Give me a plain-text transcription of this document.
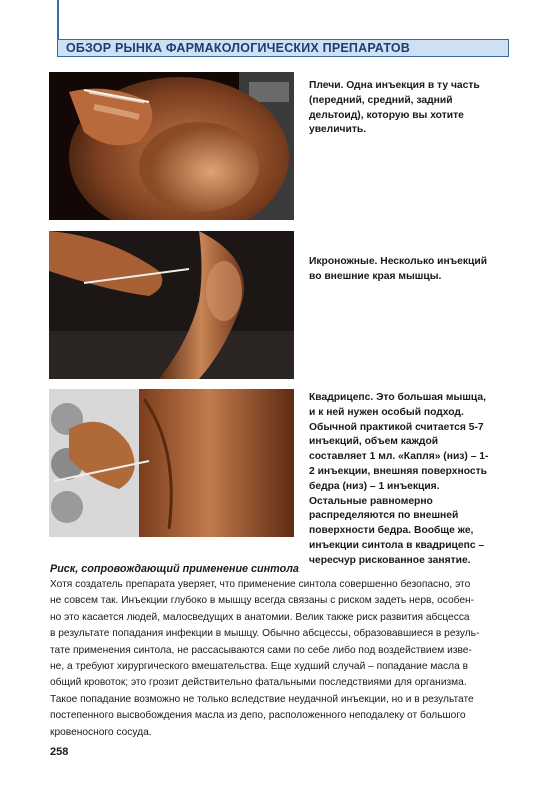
ОБЗОР РЫНКА ФАРМАКОЛОГИЧЕСКИХ ПРЕПАРАТОВ

Плечи. Одна инъекция в ту часть
(передний, средний, задний
дельтоид), которую вы хотите
увеличить.

Икроножные. Несколько инъекций
во внешние края мышцы.

Квадрицепс. Это большая мышца,
и к ней нужен особый подход.
Обычной практикой считается 5-7
инъекций, объем каждой
составляет 1 мл. «Капля» (низ) – 1-
2 инъекции, внешняя поверхность
бедра (низ) – 1 инъекция.
Остальные равномерно
распределяются по внешней
поверхности бедра. Вообще же,
инъекции синтола в квадрицепс –
чересчур рискованное занятие.

Риск, сопровождающий применение синтола
Хотя создатель препарата уверяет, что применение синтола совершенно безопасно, это
не совсем так. Инъекции глубоко в мышцу всегда связаны с риском задеть нерв, особен-
но это касается людей, малосведущих в анатомии. Велик также риск развития абсцесса
в результате попадания инфекции в мышцу. Обычно абсцессы, образовавшиеся в резуль-
тате применения синтола, не рассасываются сами по себе либо под воздействием изве-
не, а требуют хирургического вмешательства. Еще худший случай – попадание масла в
общий кровоток; это грозит действительно фатальными последствиями для организма.
Такое попадание возможно не только вследствие неудачной инъекции, но и в результате
постепенного высвобождения масла из депо, расположенного неподалеку от большого
кровеносного сосуда.
258
